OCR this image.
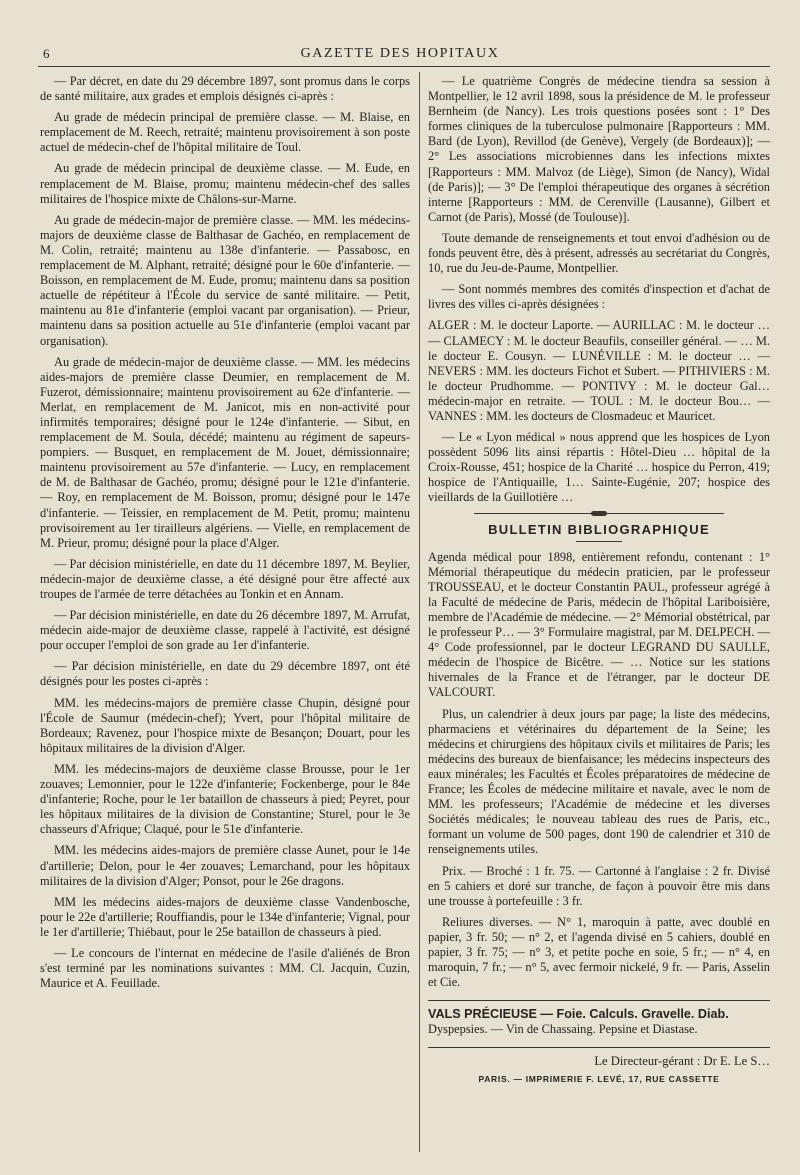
6	GAZETTE DES HOPITAUX

— Par décret, en date du 29 décembre 1897, sont promus dans le corps de santé militaire, aux grades et emplois désignés ci-après :

Au grade de médecin principal de première classe. — M. Blaise, en remplacement de M. Reech, retraité; maintenu provisoirement à son poste actuel de médecin-chef de l'hôpital militaire de Toul.

Au grade de médecin principal de deuxième classe. — M. Eude, en remplacement de M. Blaise, promu; maintenu médecin-chef des salles militaires de l'hospice mixte de Châlons-sur-Marne.

Au grade de médecin-major de première classe. — MM. les médecins-majors de deuxième classe de Balthasar de Gachéo, en remplacement de M. Colin, retraité; maintenu au 138e d'infanterie. — Passabosc, en remplacement de M. Alphant, retraité; désigné pour le 60e d'infanterie. — Boisson, en remplacement de M. Eude, promu; maintenu dans sa position actuelle de répétiteur à l'École du service de santé militaire. — Petit, maintenu au 81e d'infanterie (emploi vacant par organisation). — Prieur, maintenu dans sa position actuelle au 51e d'infanterie (emploi vacant par organisation).

Au grade de médecin-major de deuxième classe. — MM. les médecins aides-majors de première classe Deumier, en remplacement de M. Fuzerot, démissionnaire; maintenu provisoirement au 62e d'infanterie. — Merlat, en remplacement de M. Janicot, mis en non-activité pour infirmités temporaires; désigné pour le 124e d'infanterie. — Sibut, en remplacement de M. Soula, décédé; maintenu au régiment de sapeurs-pompiers. — Busquet, en remplacement de M. Jouet, démissionnaire; maintenu provisoirement au 57e d'infanterie. — Lucy, en remplacement de M. de Balthasar de Gachéo, promu; désigné pour le 121e d'infanterie. — Roy, en remplacement de M. Boisson, promu; désigné pour le 147e d'infanterie. — Teissier, en remplacement de M. Petit, promu; maintenu provisoirement au 1er tirailleurs algériens. — Vielle, en remplacement de M. Prieur, promu; désigné pour la place d'Alger.

— Par décision ministérielle, en date du 11 décembre 1897, M. Beylier, médecin-major de deuxième classe, a été désigné pour être affecté aux troupes de l'armée de terre détachées au Tonkin et en Annam.

— Par décision ministérielle, en date du 26 décembre 1897, M. Arrufat, médecin aide-major de deuxième classe, rappelé à l'activité, est désigné pour occuper l'emploi de son grade au 1er d'infanterie.

— Par décision ministérielle, en date du 29 décembre 1897, ont été désignés pour les postes ci-après :

MM. les médecins-majors de première classe Chupin, désigné pour l'École de Saumur (médecin-chef); Yvert, pour l'hôpital militaire de Bordeaux; Ravenez, pour l'hospice mixte de Besançon; Douart, pour les hôpitaux militaires de la division d'Alger.

MM. les médecins-majors de deuxième classe Brousse, pour le 1er zouaves; Lemonnier, pour le 122e d'infanterie; Fockenberge, pour le 84e d'infanterie; Roche, pour le 1er bataillon de chasseurs à pied; Peyret, pour les hôpitaux militaires de la division de Constantine; Sturel, pour le 3e chasseurs d'Afrique; Claqué, pour le 51e d'infanterie.

MM. les médecins aides-majors de première classe Aunet, pour le 14e d'artillerie; Delon, pour le 4er zouaves; Lemarchand, pour les hôpitaux militaires de la division d'Alger; Ponsot, pour le 26e dragons.

MM les médecins aides-majors de deuxième classe Vandenbosche, pour le 22e d'artillerie; Rouffiandis, pour le 134e d'infanterie; Vignal, pour le 1er d'artillerie; Thiébaut, pour le 25e bataillon de chasseurs à pied.

— Le concours de l'internat en médecine de l'asile d'aliénés de Bron s'est terminé par les nominations suivantes : MM. Cl. Jacquin, Cuzin, Maurice et A. Feuillade.

— Le quatrième Congrès de médecine tiendra sa session à Montpellier, le 12 avril 1898, sous la présidence de M. le professeur Bernheim (de Nancy). Les trois questions posées sont : 1° Des formes cliniques de la tuberculose pulmonaire [Rapporteurs : MM. Bard (de Lyon), Revillod (de Genève), Vergely (de Bordeaux)]; — 2° Les associations microbiennes dans les infections mixtes [Rapporteurs : MM. Malvoz (de Liège), Simon (de Nancy), Widal (de Paris)]; — 3° De l'emploi thérapeutique des organes à sécrétion interne [Rapporteurs : MM. de Cerenville (Lausanne), Gilbert et Carnot (de Paris), Mossé (de Toulouse)].

Toute demande de renseignements et tout envoi d'adhésion ou de fonds peuvent être, dès à présent, adressés au secrétariat du Congrès, 10, rue du Jeu-de-Paume, Montpellier.

— Sont nommés membres des comités d'inspection et d'achat de livres des villes ci-après désignées :

ALGER : M. le docteur Laporte. — AURILLAC : M. le docteur … — CLAMECY : M. le docteur Beaufils, conseiller général. — … M. le docteur E. Cousyn. — LUNÉVILLE : M. le docteur … — NEVERS : MM. les docteurs Fichot et Subert. — PITHIVIERS : M. le docteur Prudhomme. — PONTIVY : M. le docteur Gal… médecin-major en retraite. — TOUL : M. le docteur Bou… — VANNES : MM. les docteurs de Closmadeuc et Mauricet.

— Le « Lyon médical » nous apprend que les hospices de Lyon possèdent 5096 lits ainsi répartis : Hôtel-Dieu … hôpital de la Croix-Rousse, 451; hospice de la Charité … hospice du Perron, 419; hospice de l'Antiquaille, 1… Sainte-Eugénie, 207; hospice des vieillards de la Guillotière …

BULLETIN BIBLIOGRAPHIQUE

Agenda médical pour 1898, entièrement refondu, contenant : 1° Mémorial thérapeutique du médecin praticien, par le professeur TROUSSEAU, et le docteur Constantin PAUL, professeur agrégé à la Faculté de médecine de Paris, médecin de l'hôpital Lariboisière, membre de l'Académie de médecine. — 2° Mémorial obstétrical, par le professeur P… — 3° Formulaire magistral, par M. DELPECH. — 4° Code professionnel, par le docteur LEGRAND DU SAULLE, médecin de l'hospice de Bicêtre. — … Notice sur les stations hivernales de la France et de l'étranger, par le docteur DE VALCOURT.

Plus, un calendrier à deux jours par page; la liste des médecins, pharmaciens et vétérinaires du département de la Seine; les médecins et chirurgiens des hôpitaux civils et militaires de Paris; les médecins des bureaux de bienfaisance; les médecins inspecteurs des eaux minérales; les Facultés et Écoles préparatoires de médecine de France; les Écoles de médecine militaire et navale, avec le nom de MM. les professeurs; l'Académie de médecine et les diverses Sociétés médicales; le nouveau tableau des rues de Paris, etc., formant un volume de 500 pages, dont 190 de calendrier et 310 de renseignements utiles.

Prix. — Broché : 1 fr. 75. — Cartonné à l'anglaise : 2 fr. Divisé en 5 cahiers et doré sur tranche, de façon à pouvoir être mis dans une trousse à portefeuille : 3 fr.

Reliures diverses. — N° 1, maroquin à patte, avec doublé en papier, 3 fr. 50; — n° 2, et l'agenda divisé en 5 cahiers, doublé en papier, 3 fr. 75; — n° 3, et petite poche en soie, 5 fr.; — n° 4, en maroquin, 7 fr.; — n° 5, avec fermoir nickelé, 9 fr. — Paris, Asselin et Cie.

VALS PRÉCIEUSE — Foie. Calculs. Gravelle. Diab.

Dyspepsies. — Vin de Chassaing. Pepsine et Diastase.

Le Directeur-gérant : Dr E. Le S…
PARIS. — IMPRIMERIE F. LEVÉ, 17, RUE CASSETTE
